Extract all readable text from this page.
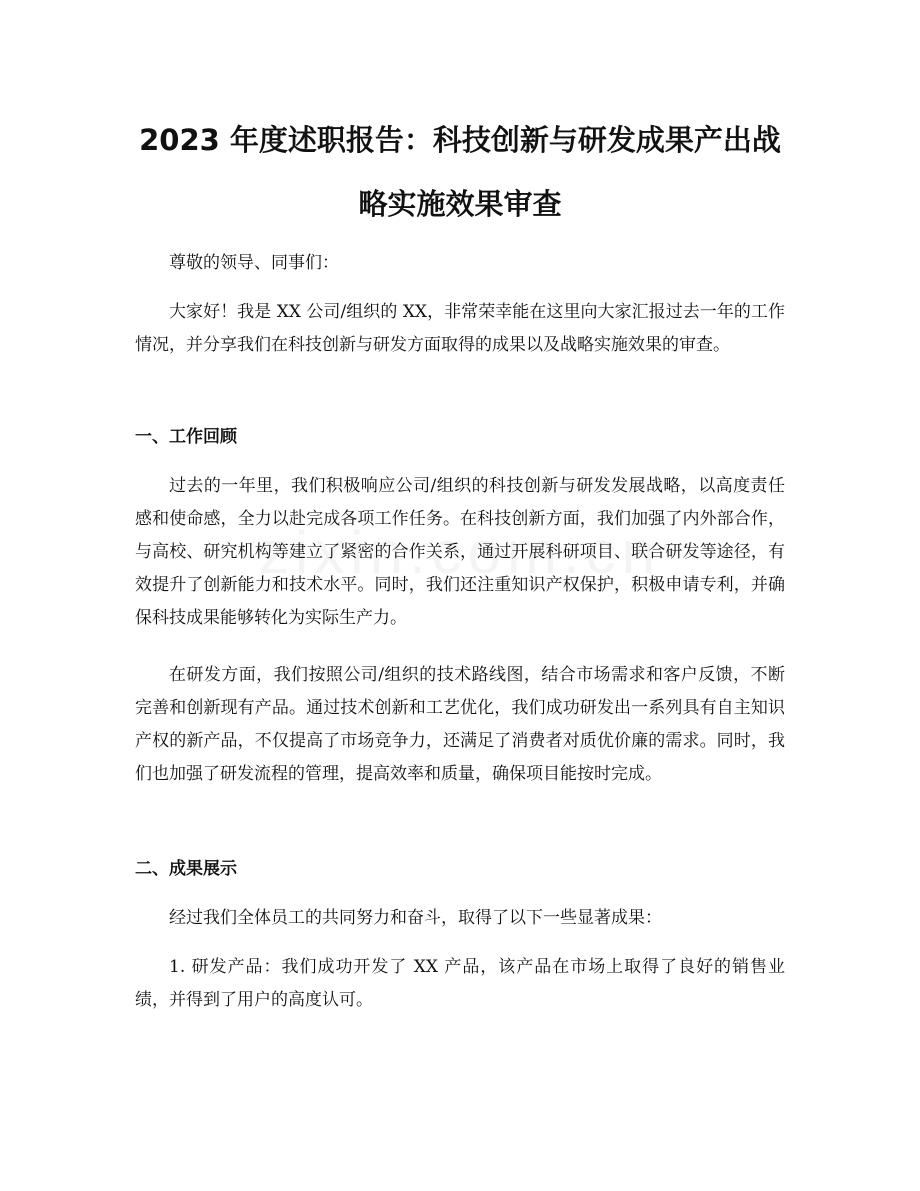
2023 年度述职报告：科技创新与研发成果产出战略实施效果审查

尊敬的领导、同事们：

大家好！我是 XX 公司/组织的 XX，非常荣幸能在这里向大家汇报过去一年的工作情况，并分享我们在科技创新与研发方面取得的成果以及战略实施效果的审查。

一、工作回顾

过去的一年里，我们积极响应公司/组织的科技创新与研发发展战略，以高度责任感和使命感，全力以赴完成各项工作任务。在科技创新方面，我们加强了内外部合作，与高校、研究机构等建立了紧密的合作关系，通过开展科研项目、联合研发等途径，有效提升了创新能力和技术水平。同时，我们还注重知识产权保护，积极申请专利，并确保科技成果能够转化为实际生产力。

在研发方面，我们按照公司/组织的技术路线图，结合市场需求和客户反馈，不断完善和创新现有产品。通过技术创新和工艺优化，我们成功研发出一系列具有自主知识产权的新产品，不仅提高了市场竞争力，还满足了消费者对质优价廉的需求。同时，我们也加强了研发流程的管理，提高效率和质量，确保项目能按时完成。

二、成果展示

经过我们全体员工的共同努力和奋斗，取得了以下一些显著成果：

1. 研发产品：我们成功开发了 XX 产品，该产品在市场上取得了良好的销售业绩，并得到了用户的高度认可。
